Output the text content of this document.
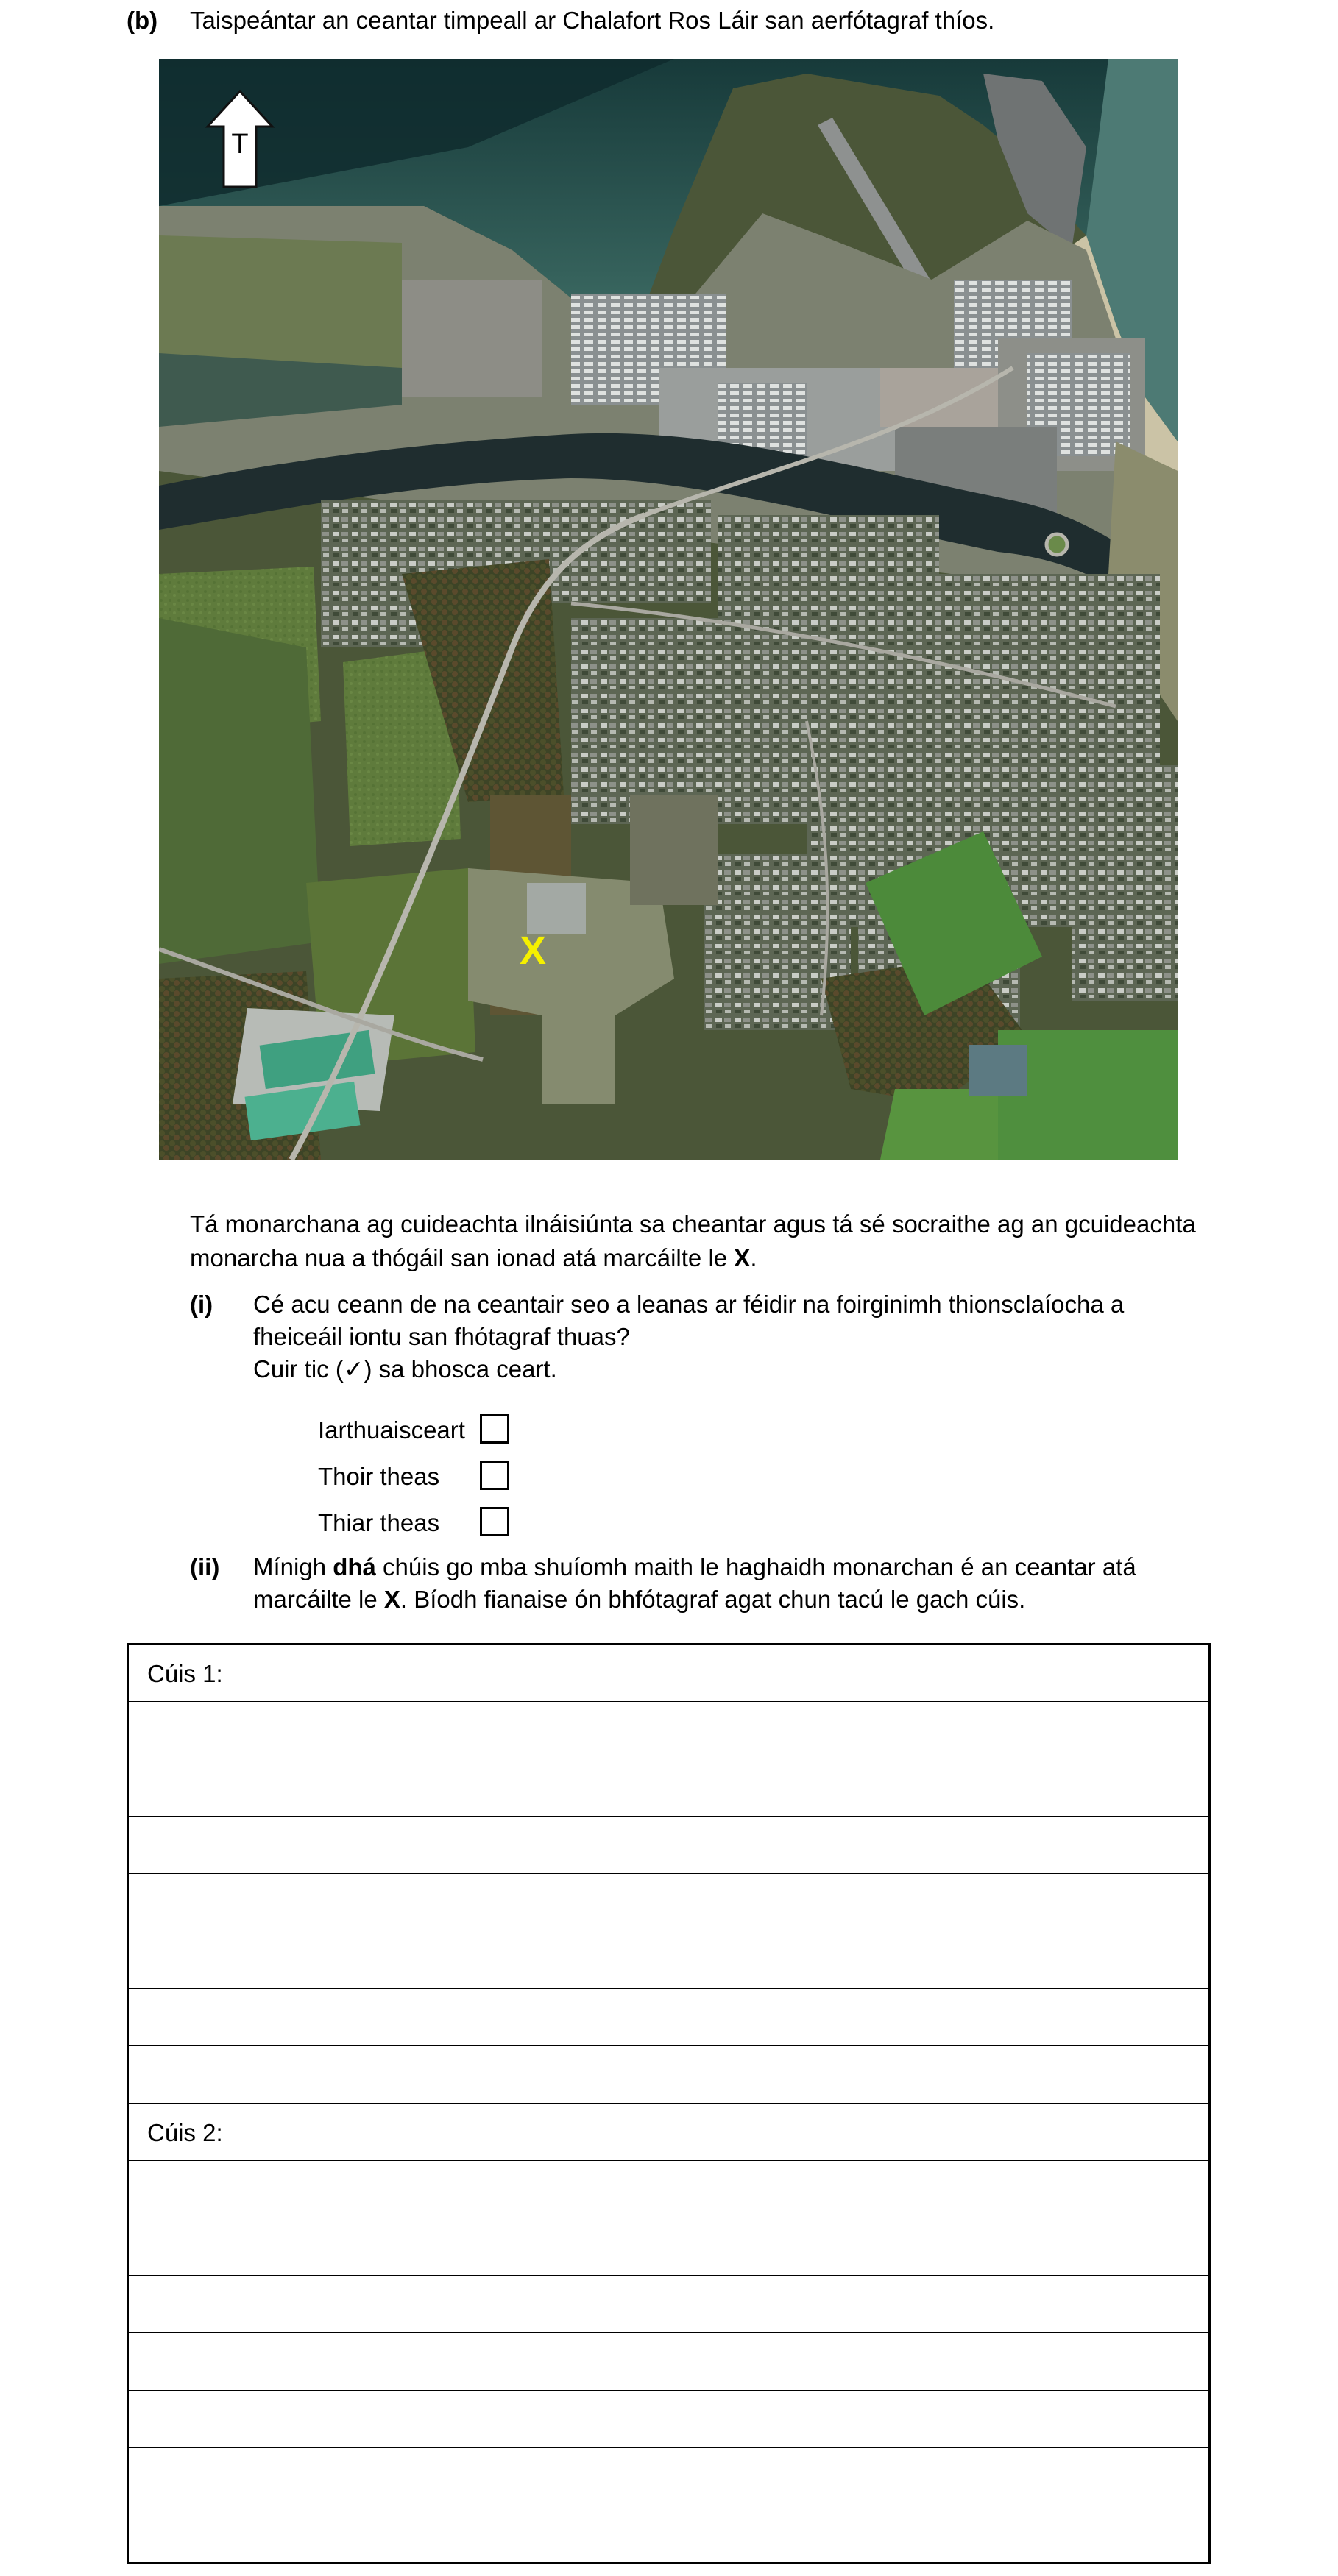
(b) Taispeántar an ceantar timpeall ar Chalafort Ros Láir san aerfótagraf thíos.
T
X
Tá monarchana ag cuideachta ilnáisiúnta sa cheantar agus tá sé socraithe ag an gcuideachta
monarcha nua a thógáil san ionad atá marcáilte le X.
(i) Cé acu ceann de na ceantair seo a leanas ar féidir na foirginimh thionsclaíocha a
fheiceáil iontu san fhótagraf thuas?
Cuir tic (✓) sa bhosca ceart.
Iarthuaisceart
Thoir theas
Thiar theas
(ii) Mínigh dhá chúis go mba shuíomh maith le haghaidh monarchan é an ceantar atá
marcáilte le X. Bíodh fianaise ón bhfótagraf agat chun tacú le gach cúis.
Cúis 1:
Cúis 2:
